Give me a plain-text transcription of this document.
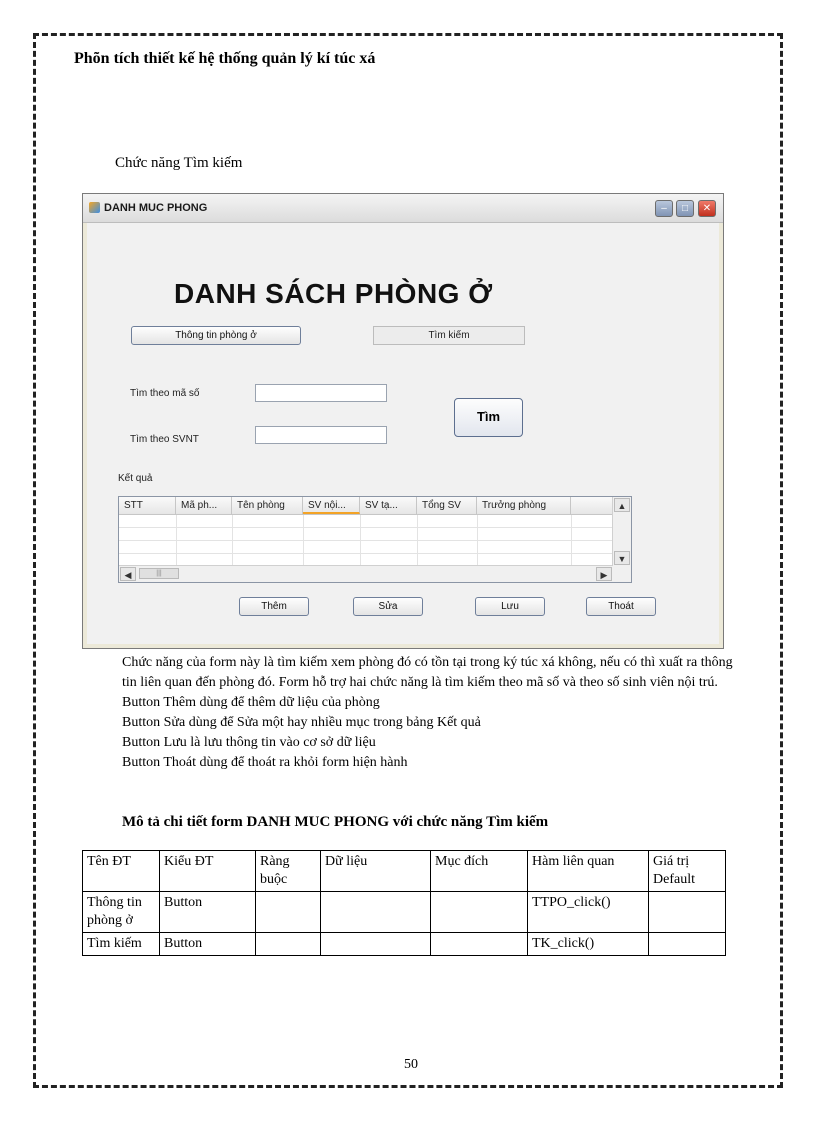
Phõn tích thiết kế hệ thống quản lý kí túc xá
Chức năng Tìm kiếm
DANH MUC PHONG	–	□	✕
DANH SÁCH PHÒNG Ở
Thông tin phòng ở	Tìm kiếm
Tìm theo mã số
Tìm theo SVNT
Tìm
Kết quả
STT	Mã ph...	Tên phòng	SV nội...	SV tạ...	Tổng SV	Trưởng phòng	▲
▼
◀	|||	▶
Thêm	Sửa	Lưu	Thoát

Chức năng của form này là tìm kiếm xem phòng đó có tồn tại trong ký túc xá không, nếu có thì xuất ra thông tin liên quan đến phòng đó. Form hỗ trợ hai chức năng là tìm kiếm theo mã số và theo số sinh viên nội trú.

Button Thêm dùng để thêm dữ liệu của phòng

Button Sửa dùng để Sửa một hay nhiều mục trong bảng Kết quả

Button Lưu là lưu thông tin vào cơ sở dữ liệu

Button Thoát dùng để thoát ra khỏi form hiện hành

Mô tả chi tiết form DANH MUC PHONG với chức năng Tìm kiếm
Tên ĐT	Kiểu ĐT	Ràng buộc	Dữ liệu	Mục đích	Hàm liên quan	Giá trị Default
Thông tin phòng ở	Button				TTPO_click()	
Tìm kiếm	Button				TK_click()	
50
